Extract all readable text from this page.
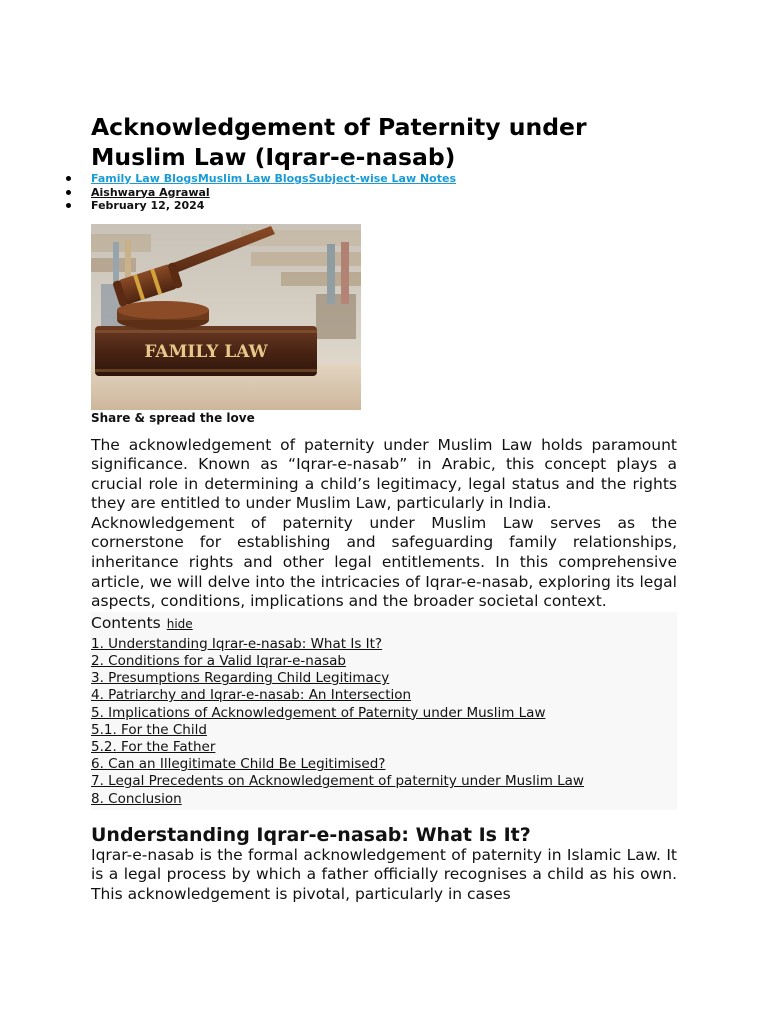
Acknowledgement of Paternity under Muslim Law (Iqrar-e-nasab)
Family Law BlogsMuslim Law BlogsSubject-wise Law Notes
Aishwarya Agrawal
February 12, 2024
FAMILY LAW
Share & spread the love

The acknowledgement of paternity under Muslim Law holds paramount significance. Known as “Iqrar-e-nasab” in Arabic, this concept plays a crucial role in determining a child’s legitimacy, legal status and the rights they are entitled to under Muslim Law, particularly in India.

Acknowledgement of paternity under Muslim Law serves as the cornerstone for establishing and safeguarding family relationships, inheritance rights and other legal entitlements. In this comprehensive article, we will delve into the intricacies of Iqrar-e-nasab, exploring its legal aspects, conditions, implications and the broader societal context.

Contents hide
1. Understanding Iqrar-e-nasab: What Is It?
2. Conditions for a Valid Iqrar-e-nasab
3. Presumptions Regarding Child Legitimacy
4. Patriarchy and Iqrar-e-nasab: An Intersection
5. Implications of Acknowledgement of Paternity under Muslim Law
5.1. For the Child
5.2. For the Father
6. Can an Illegitimate Child Be Legitimised?
7. Legal Precedents on Acknowledgement of paternity under Muslim Law
8. Conclusion
Understanding Iqrar-e-nasab: What Is It?

Iqrar-e-nasab is the formal acknowledgement of paternity in Islamic Law. It is a legal process by which a father officially recognises a child as his own. This acknowledgement is pivotal, particularly in cases
